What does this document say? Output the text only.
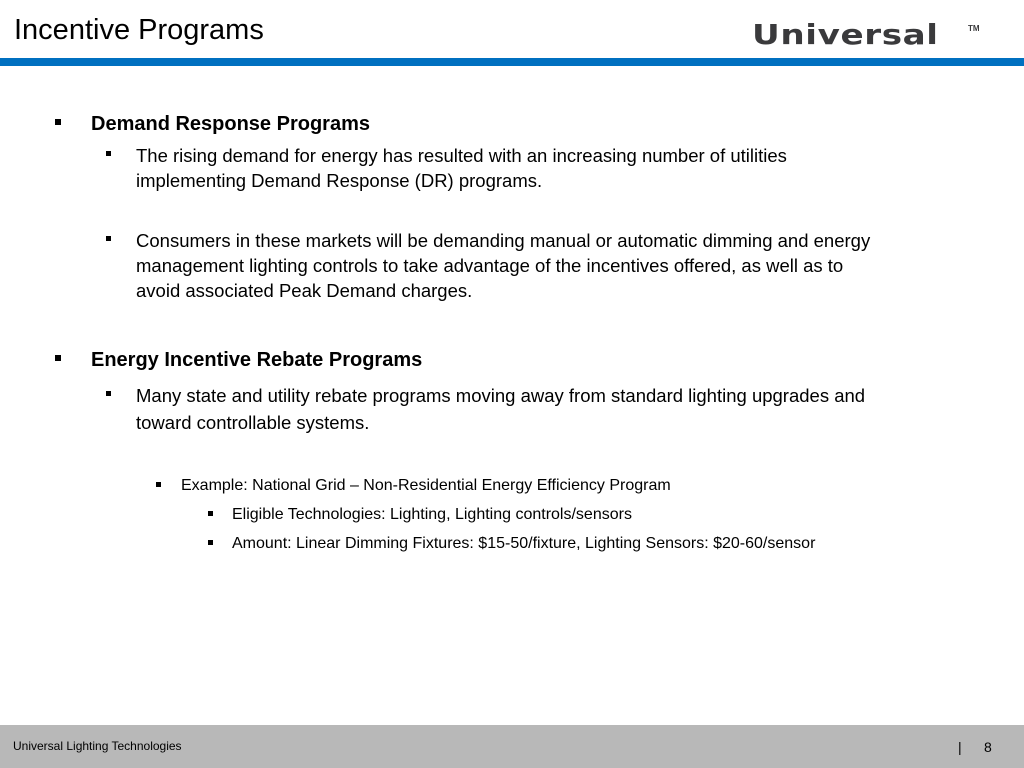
Incentive Programs	Universal	TM
Demand Response Programs
The rising demand for energy has resulted with an increasing number of utilities
implementing Demand Response (DR) programs.
Consumers in these markets will be demanding manual or automatic dimming and energy
management lighting controls to take advantage of the incentives offered, as well as to
avoid associated Peak Demand charges.
Energy Incentive Rebate Programs
Many state and utility rebate programs moving away from standard lighting upgrades and
toward controllable systems.
Example: National Grid – Non-Residential Energy Efficiency Program
Eligible Technologies: Lighting, Lighting controls/sensors
Amount: Linear Dimming Fixtures: $15-50/fixture, Lighting Sensors: $20-60/sensor
Universal Lighting Technologies	| 8
